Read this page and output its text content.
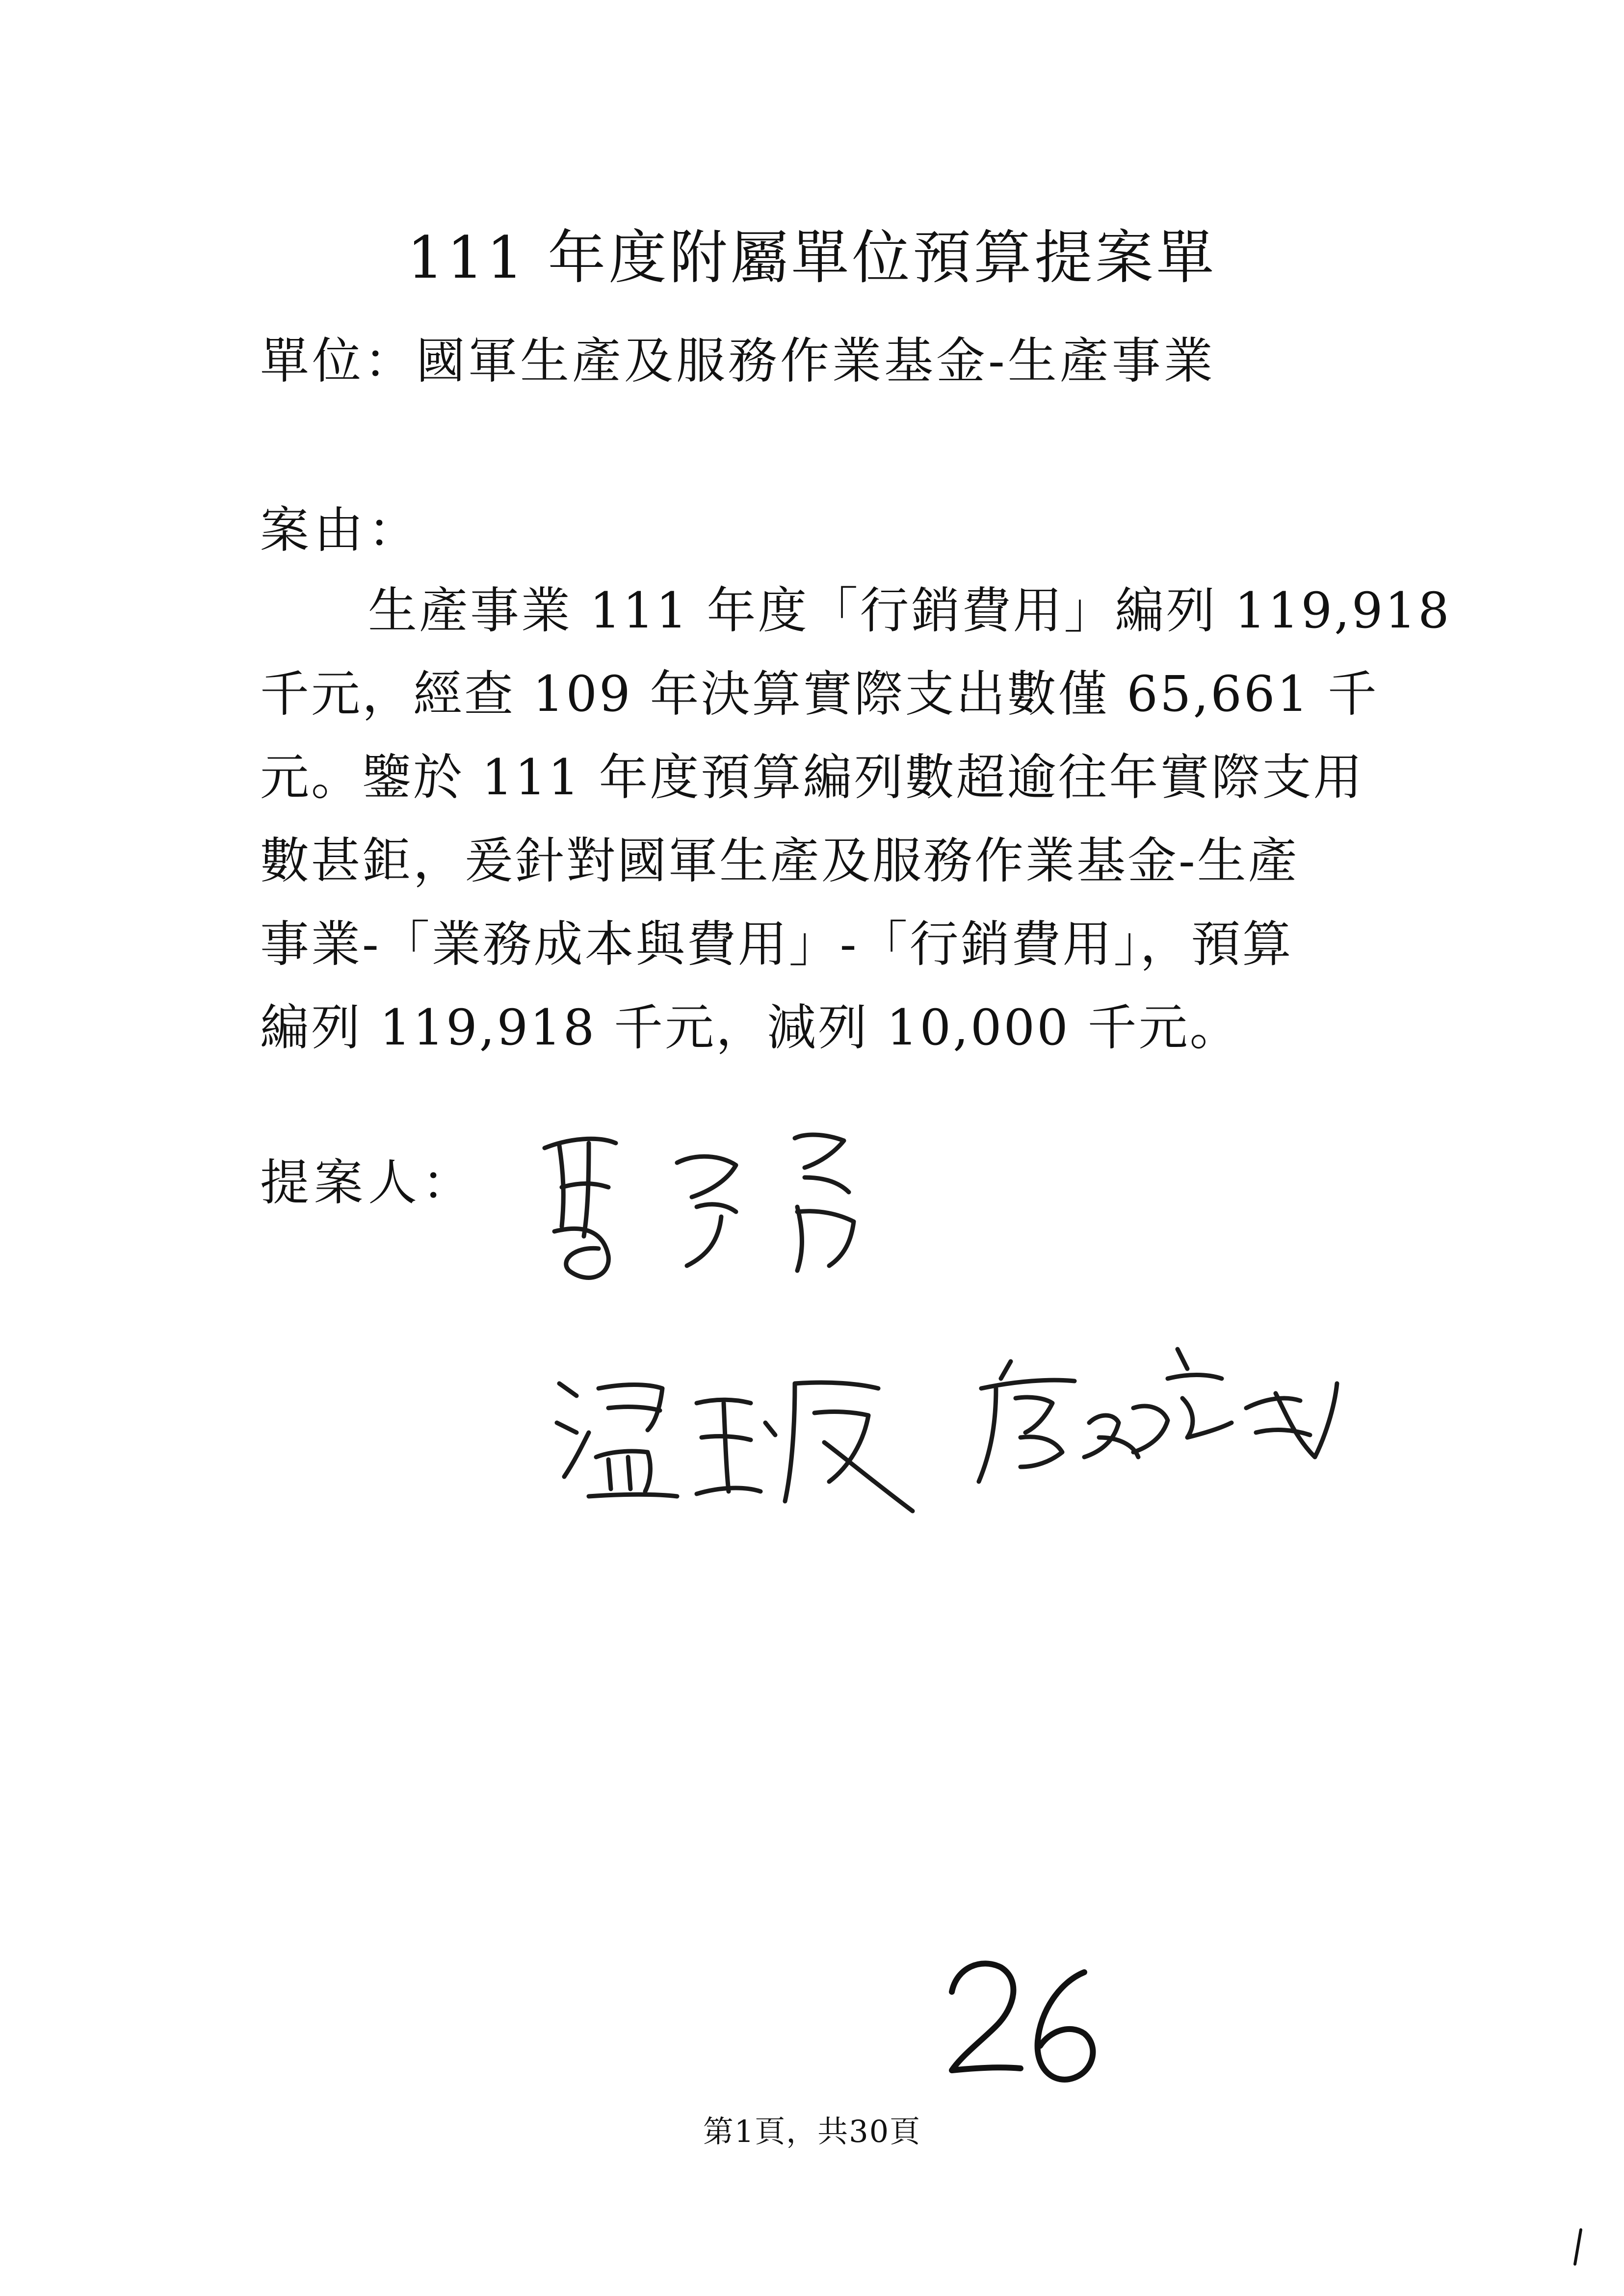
111 年度附屬單位預算提案單
單位：國軍生產及服務作業基金-生產事業
案由：
生產事業 111 年度「行銷費用」編列 119,918
千元，經查 109 年決算實際支出數僅 65,661 千
元。鑒於 111 年度預算編列數超逾往年實際支用
數甚鉅，爰針對國軍生產及服務作業基金-生產
事業-「業務成本與費用」-「行銷費用」，預算
編列 119,918 千元，減列 10,000 千元。
提案人：
第1頁，共30頁
